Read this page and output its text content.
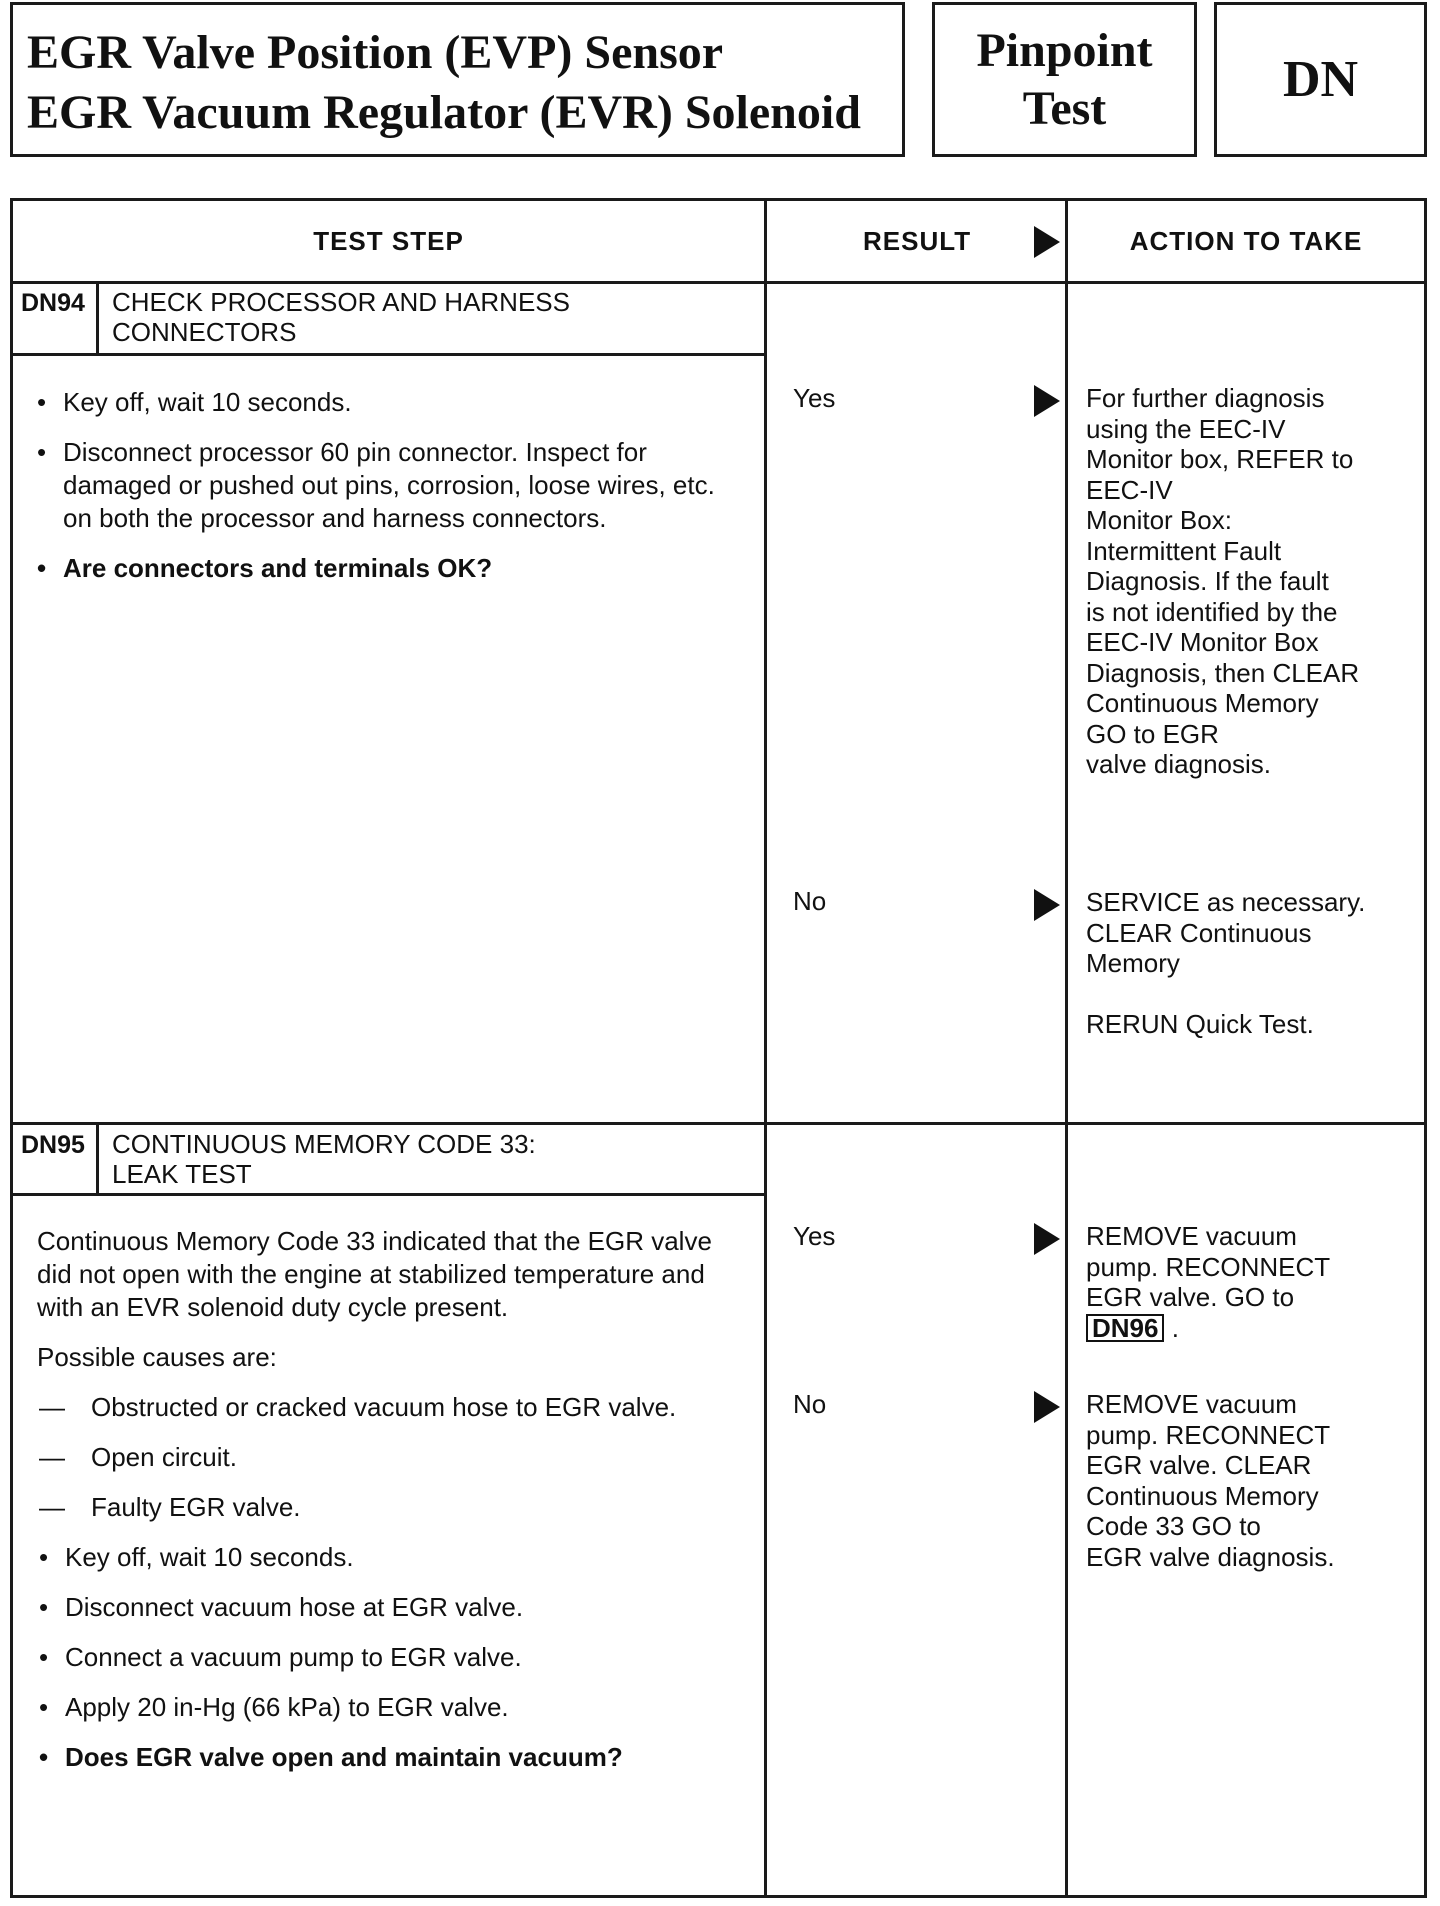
EGR Valve Position (EVP) Sensor
EGR Vacuum Regulator (EVR) Solenoid
Pinpoint
Test	DN
TEST STEP	RESULT	ACTION TO TAKE
DN94 CHECK PROCESSOR AND HARNESS
CONNECTORS
• Key off, wait 10 seconds.
• Disconnect processor 60 pin connector. Inspect for damaged or pushed out pins, corrosion, loose wires, etc. on both the processor and harness connectors.
• Are connectors and terminals OK?
Yes	For further diagnosis
using the EEC-IV
Monitor box, REFER to
EEC-IV
Monitor Box:
Intermittent Fault
Diagnosis. If the fault
is not identified by the
EEC-IV Monitor Box
Diagnosis, then CLEAR
Continuous Memory
GO to EGR
valve diagnosis.
No	SERVICE as necessary.
CLEAR Continuous
Memory
RERUN Quick Test.
DN95 CONTINUOUS MEMORY CODE 33:
LEAK TEST
Continuous Memory Code 33 indicated that the EGR valve did not open with the engine at stabilized temperature and with an EVR solenoid duty cycle present.
Possible causes are:
— Obstructed or cracked vacuum hose to EGR valve.
— Open circuit.
— Faulty EGR valve.
• Key off, wait 10 seconds.
• Disconnect vacuum hose at EGR valve.
• Connect a vacuum pump to EGR valve.
• Apply 20 in-Hg (66 kPa) to EGR valve.
• Does EGR valve open and maintain vacuum?
Yes	REMOVE vacuum
pump. RECONNECT
EGR valve. GO to
DN96 .
No	REMOVE vacuum
pump. RECONNECT
EGR valve. CLEAR
Continuous Memory
Code 33 GO to
EGR valve diagnosis.
